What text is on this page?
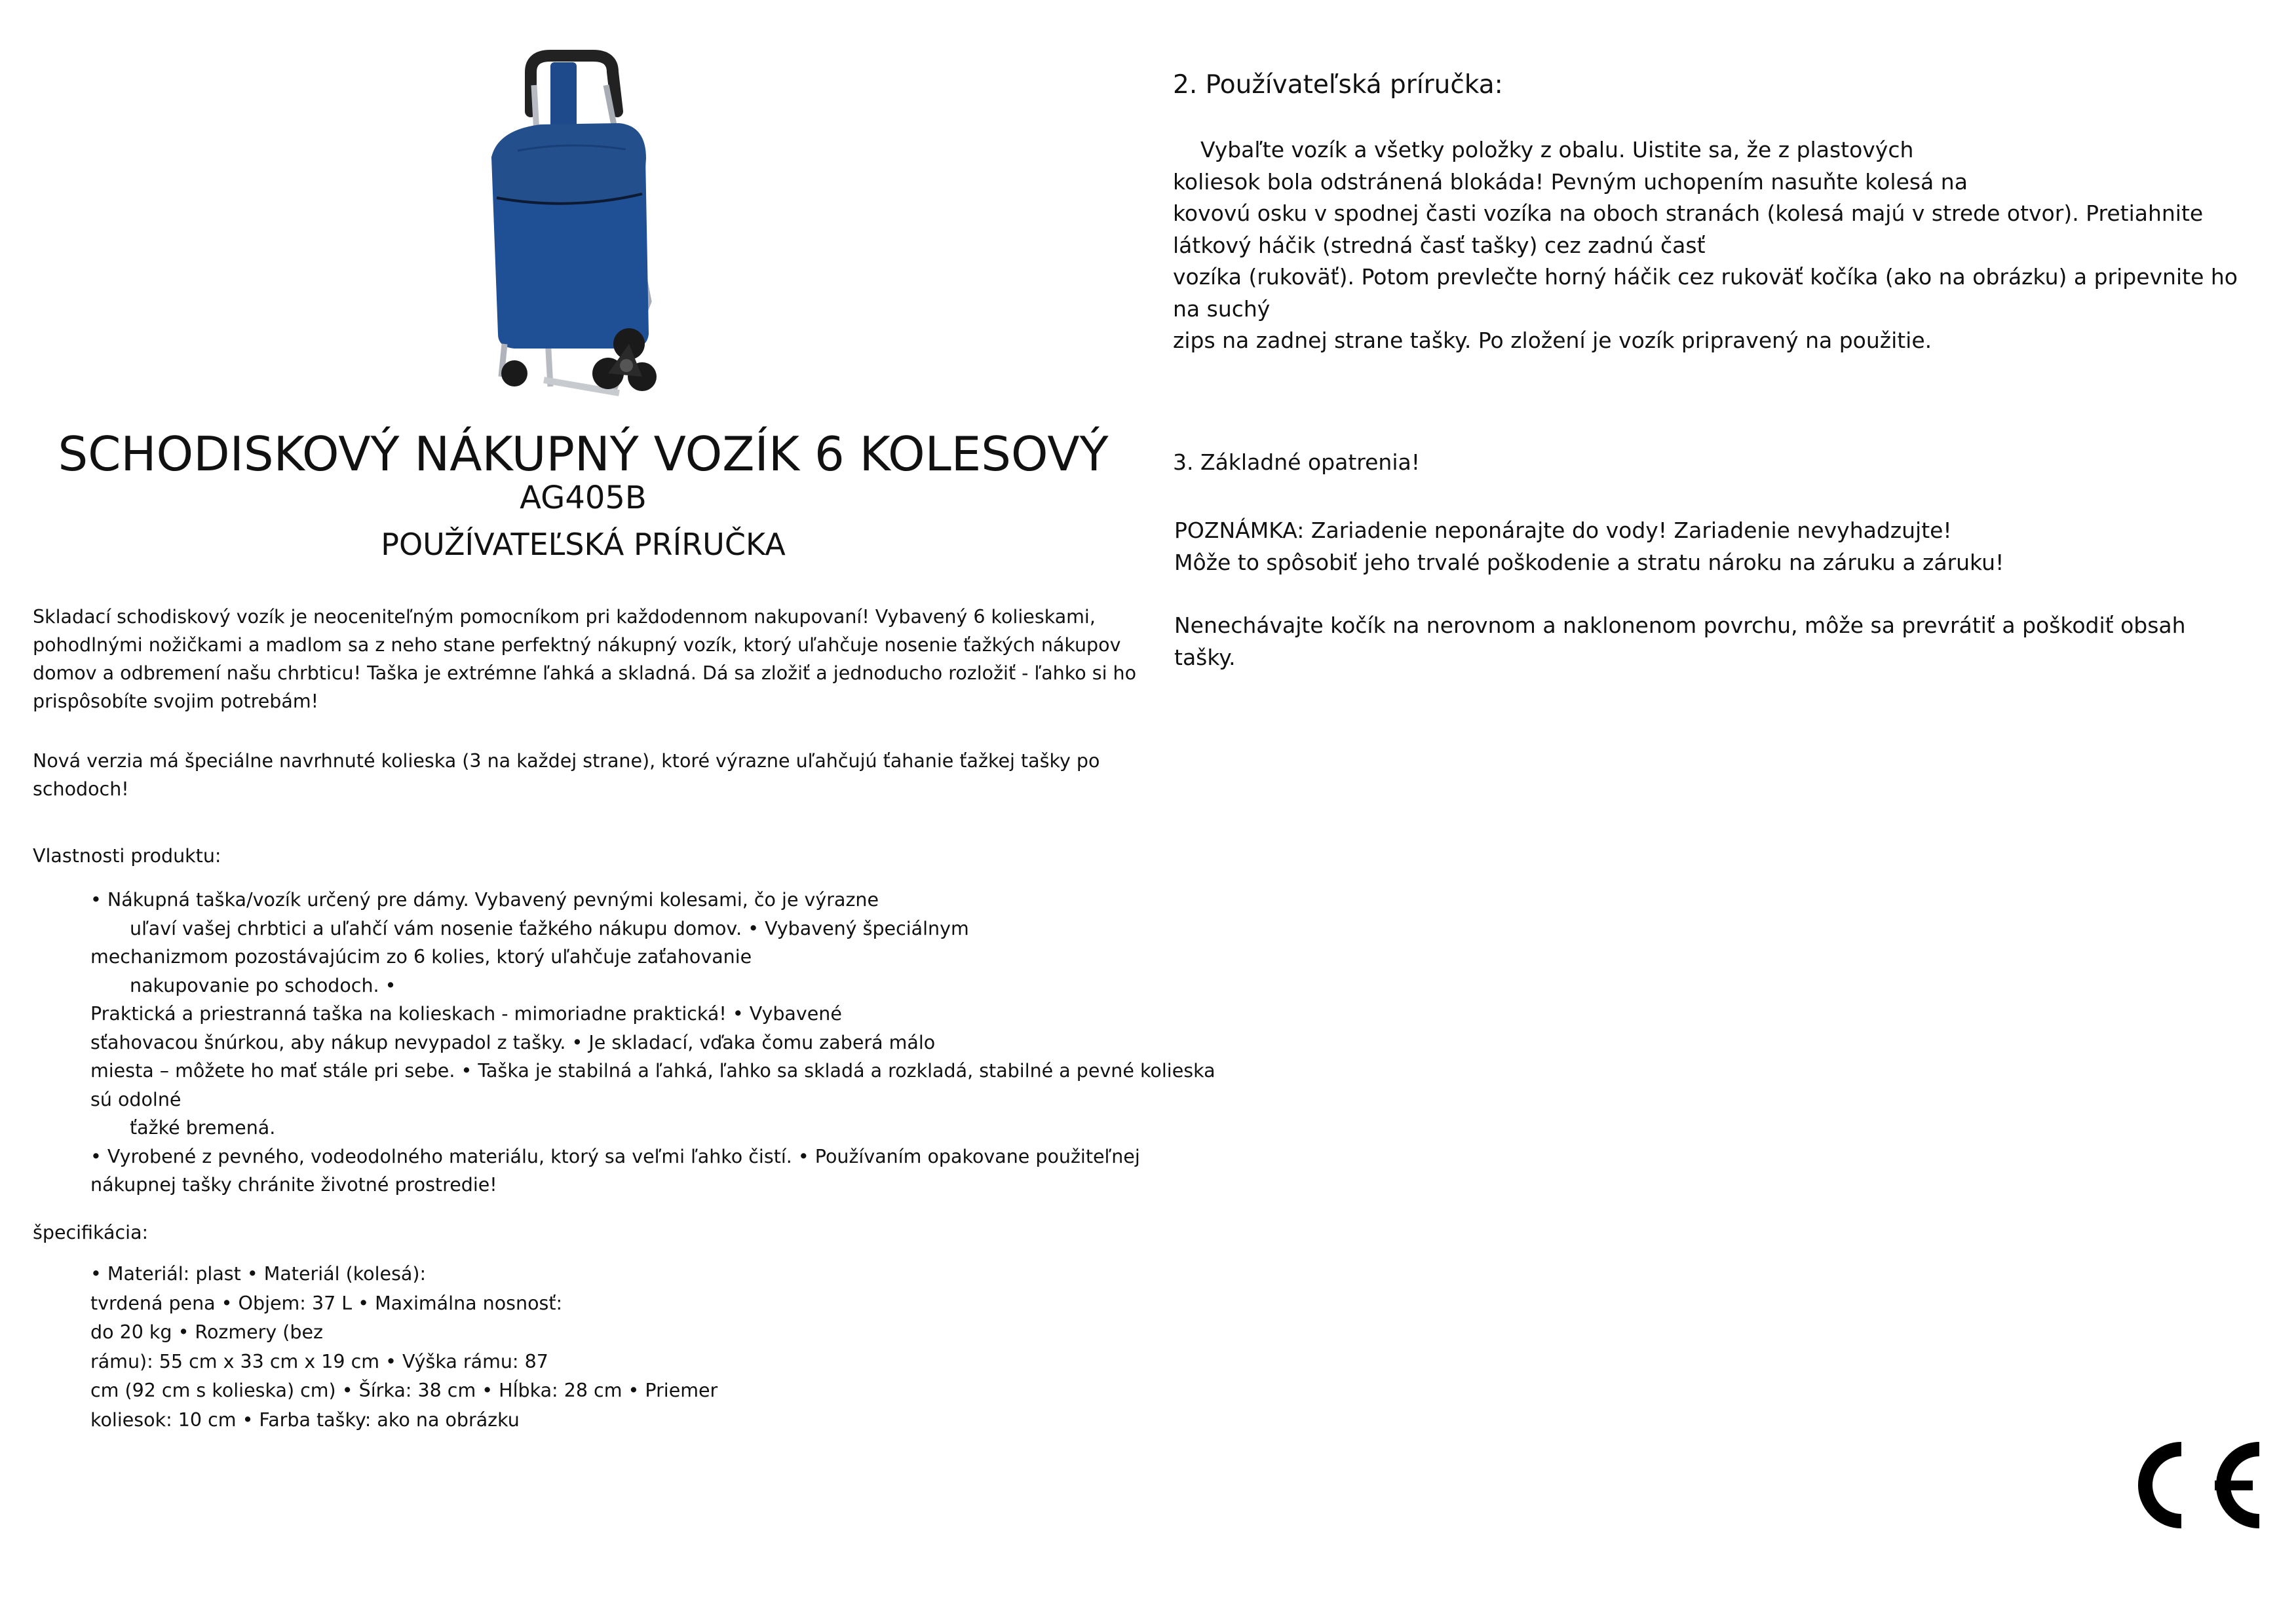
SCHODISKOVÝ NÁKUPNÝ VOZÍK 6 KOLESOVÝ
AG405B
POUŽÍVATEĽSKÁ PRÍRUČKA

Skladací schodiskový vozík je neoceniteľným pomocníkom pri každodennom nakupovaní! Vybavený 6 kolieskami, pohodlnými nožičkami a madlom sa z neho stane perfektný nákupný vozík, ktorý uľahčuje nosenie ťažkých nákupov domov a odbremení našu chrbticu! Taška je extrémne ľahká a skladná. Dá sa zložiť a jednoducho rozložiť - ľahko si ho prispôsobíte svojim potrebám!

Nová verzia má špeciálne navrhnuté kolieska (3 na každej strane), ktoré výrazne uľahčujú ťahanie ťažkej tašky po schodoch!

Vlastnosti produktu:
• Nákupná taška/vozík určený pre dámy. Vybavený pevnými kolesami, čo je výrazne
uľaví vašej chrbtici a uľahčí vám nosenie ťažkého nákupu domov. • Vybavený špeciálnym
mechanizmom pozostávajúcim zo 6 kolies, ktorý uľahčuje zaťahovanie
nakupovanie po schodoch. •
Praktická a priestranná taška na kolieskach - mimoriadne praktická! • Vybavené
sťahovacou šnúrkou, aby nákup nevypadol z tašky. • Je skladací, vďaka čomu zaberá málo
miesta – môžete ho mať stále pri sebe. • Taška je stabilná a ľahká, ľahko sa skladá a rozkladá, stabilné a pevné kolieska
sú odolné
ťažké bremená.
• Vyrobené z pevného, vodeodolného materiálu, ktorý sa veľmi ľahko čistí. • Používaním opakovane použiteľnej
nákupnej tašky chránite životné prostredie!
špecifikácia:
• Materiál: plast • Materiál (kolesá):
tvrdená pena • Objem: 37 L • Maximálna nosnosť:
do 20 kg • Rozmery (bez
rámu): 55 cm x 33 cm x 19 cm • Výška rámu: 87
cm (92 cm s kolieska) cm) • Šírka: 38 cm • Hĺbka: 28 cm • Priemer
koliesok: 10 cm • Farba tašky: ako na obrázku
2. Používateľská príručka:
Vybaľte vozík a všetky položky z obalu. Uistite sa, že z plastových
koliesok bola odstránená blokáda! Pevným uchopením nasuňte kolesá na
kovovú osku v spodnej časti vozíka na oboch stranách (kolesá majú v strede otvor). Pretiahnite
látkový háčik (stredná časť tašky) cez zadnú časť
vozíka (rukoväť). Potom prevlečte horný háčik cez rukoväť kočíka (ako na obrázku) a pripevnite ho
na suchý
zips na zadnej strane tašky. Po zložení je vozík pripravený na použitie.
3. Základné opatrenia!
POZNÁMKA: Zariadenie neponárajte do vody! Zariadenie nevyhadzujte!
Môže to spôsobiť jeho trvalé poškodenie a stratu nároku na záruku a záruku!
Nenechávajte kočík na nerovnom a naklonenom povrchu, môže sa prevrátiť a poškodiť obsah
tašky.
